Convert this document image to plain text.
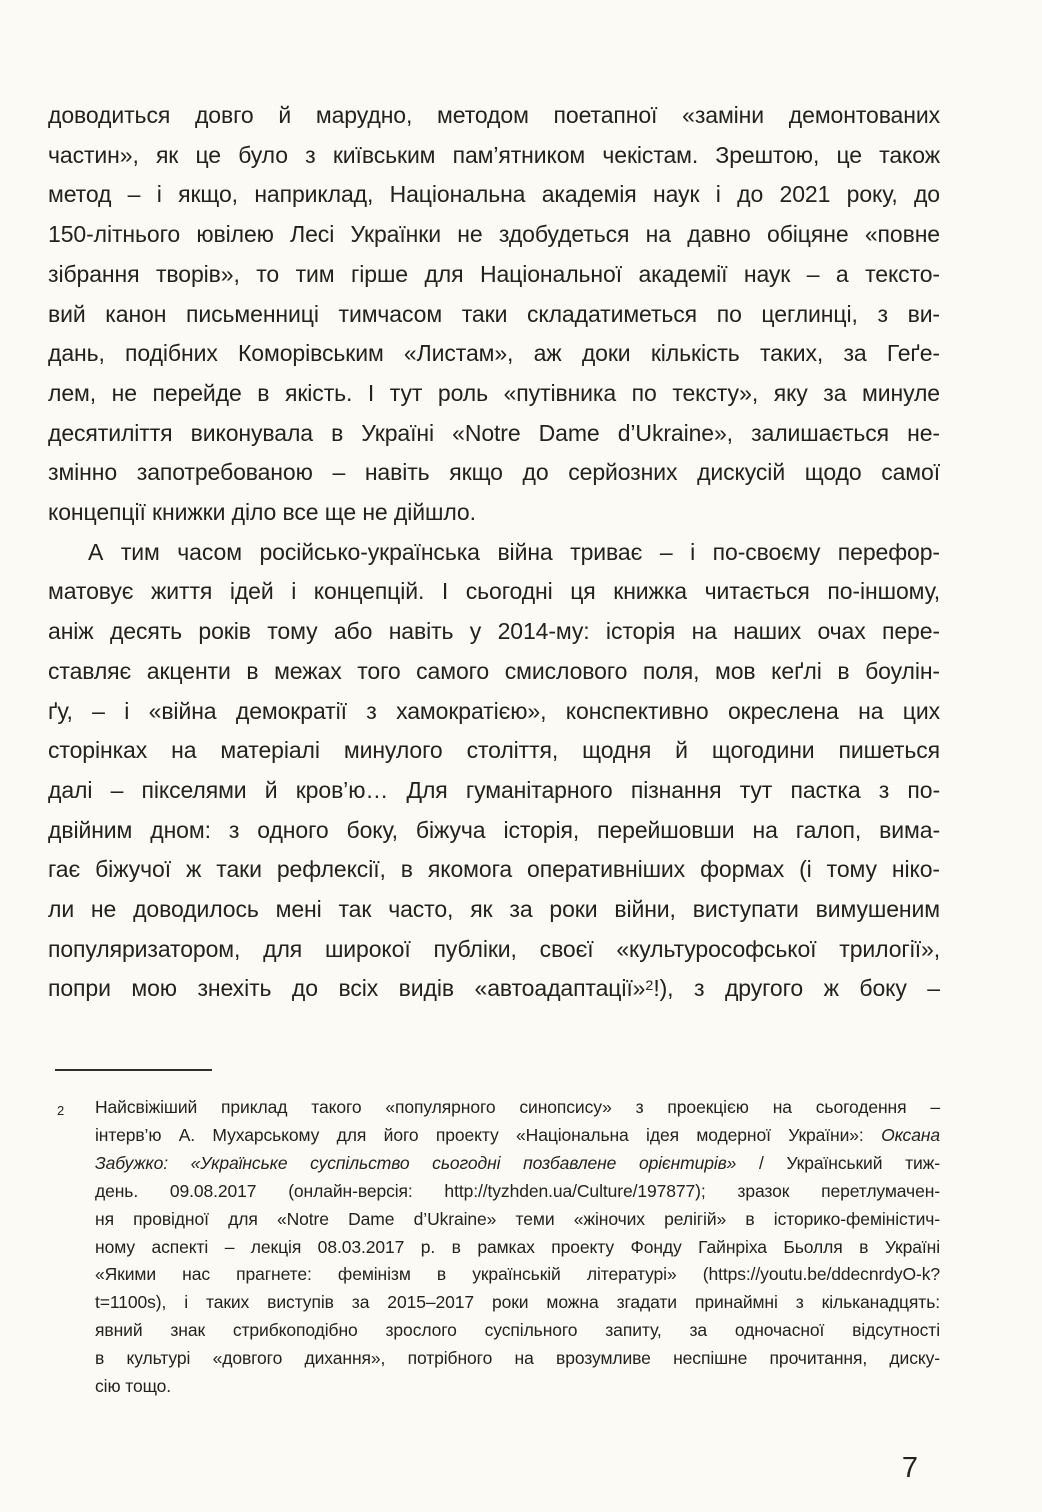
доводиться довго й марудно, методом поетапної «заміни демонтованих
частин», як це було з київським пам’ятником чекістам. Зрештою, це також
метод – і якщо, наприклад, Національна академія наук і до 2021 року, до
150-літнього ювілею Лесі Українки не здобудеться на давно обіцяне «повне
зібрання творів», то тим гірше для Національної академії наук – а тексто-
вий канон письменниці тимчасом таки складатиметься по цеглинці, з ви-
дань, подібних Коморівським «Листам», аж доки кількість таких, за Геґе-
лем, не перейде в якість. І тут роль «путівника по тексту», яку за минуле
десятиліття виконувала в Україні «Notre Dame d’Ukraine», залишається не-
змінно запотребованою – навіть якщо до серйозних дискусій щодо самої
концепції книжки діло все ще не дійшло.
А тим часом російсько-українська війна триває – і по-своєму перефор-
матовує життя ідей і концепцій. І сьогодні ця книжка читається по-іншому,
аніж десять років тому або навіть у 2014-му: історія на наших очах пере-
ставляє акценти в межах того самого смислового поля, мов кеґлі в боулін-
ґу, – і «війна демократії з хамократією», конспективно окреслена на цих
сторінках на матеріалі минулого століття, щодня й щогодини пишеться
далі – пікселями й кров’ю… Для гуманітарного пізнання тут пастка з по-
двійним дном: з одного боку, біжуча історія, перейшовши на галоп, вима-
гає біжучої ж таки рефлексії, в якомога оперативніших формах (і тому ніко-
ли не доводилось мені так часто, як за роки війни, виступати вимушеним
популяризатором, для широкої публіки, своєї «культурософської трилогії»,
попри мою знехіть до всіх видів «автоадаптації»$^2$!), з другого ж боку –
2 Найсвіжіший приклад такого «популярного синопсису» з проекцією на сьогодення –
інтерв’ю А. Мухарському для його проекту «Національна ідея модерної України»: Оксана
Забужко: «Українське суспільство сьогодні позбавлене орієнтирів» / Український тиж-
день. 09.08.2017 (онлайн-версія: http://tyzhden.ua/Culture/197877); зразок перетлумачен-
ня провідної для «Notre Dame d’Ukraine» теми «жіночих релігій» в історико-феміністич-
ному аспекті – лекція 08.03.2017 р. в рамках проекту Фонду Гайнріха Бьолля в Україні
«Якими нас прагнете: фемінізм в українській літературі» (https://youtu.be/ddecnrdyO-k?
t=1100s), і таких виступів за 2015–2017 роки можна згадати принаймні з кільканадцять:
явний знак стрибкоподібно зрослого суспільного запиту, за одночасної відсутності
в культурі «довгого дихання», потрібного на врозумливе неспішне прочитання, диску-
сію тощо.
7
